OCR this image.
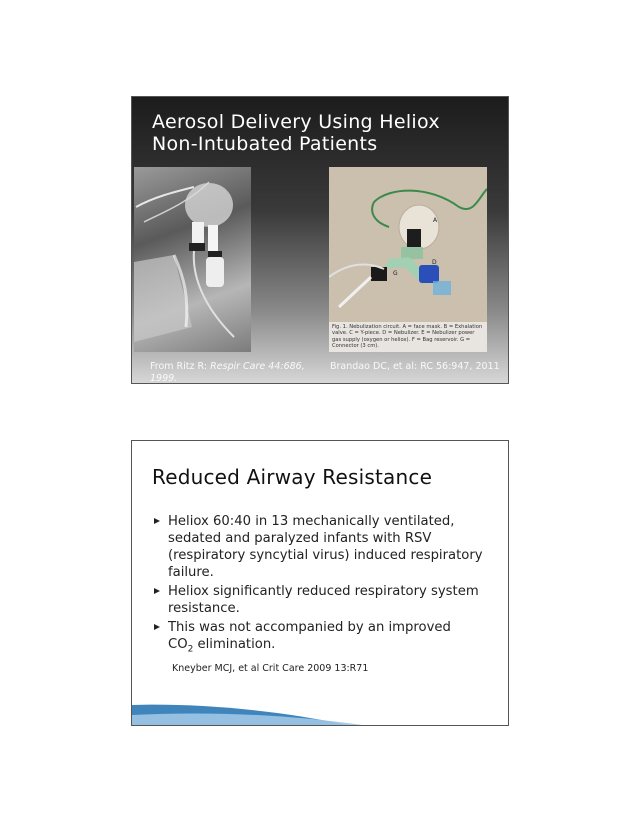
Aerosol Delivery Using Heliox
Non-Intubated Patients
A
D
G
Fig. 1. Nebulization circuit. A = face mask. B = Exhalation valve. C = Y-piece. D = Nebulizer. E = Nebulizer power gas supply (oxygen or heliox). F = Bag reservoir. G = Connector (3 cm).
From Ritz R: Respir Care 44:686, 1999.
Brandao DC, et al: RC 56:947, 2011
Reduced Airway Resistance
Heliox 60:40 in 13 mechanically ventilated, sedated and paralyzed infants with RSV (respiratory syncytial virus) induced respiratory failure.
Heliox significantly reduced respiratory system resistance.
This was not accompanied by an improved
$CO_2$ elimination.
Kneyber MCJ, et al Crit Care 2009 13:R71
